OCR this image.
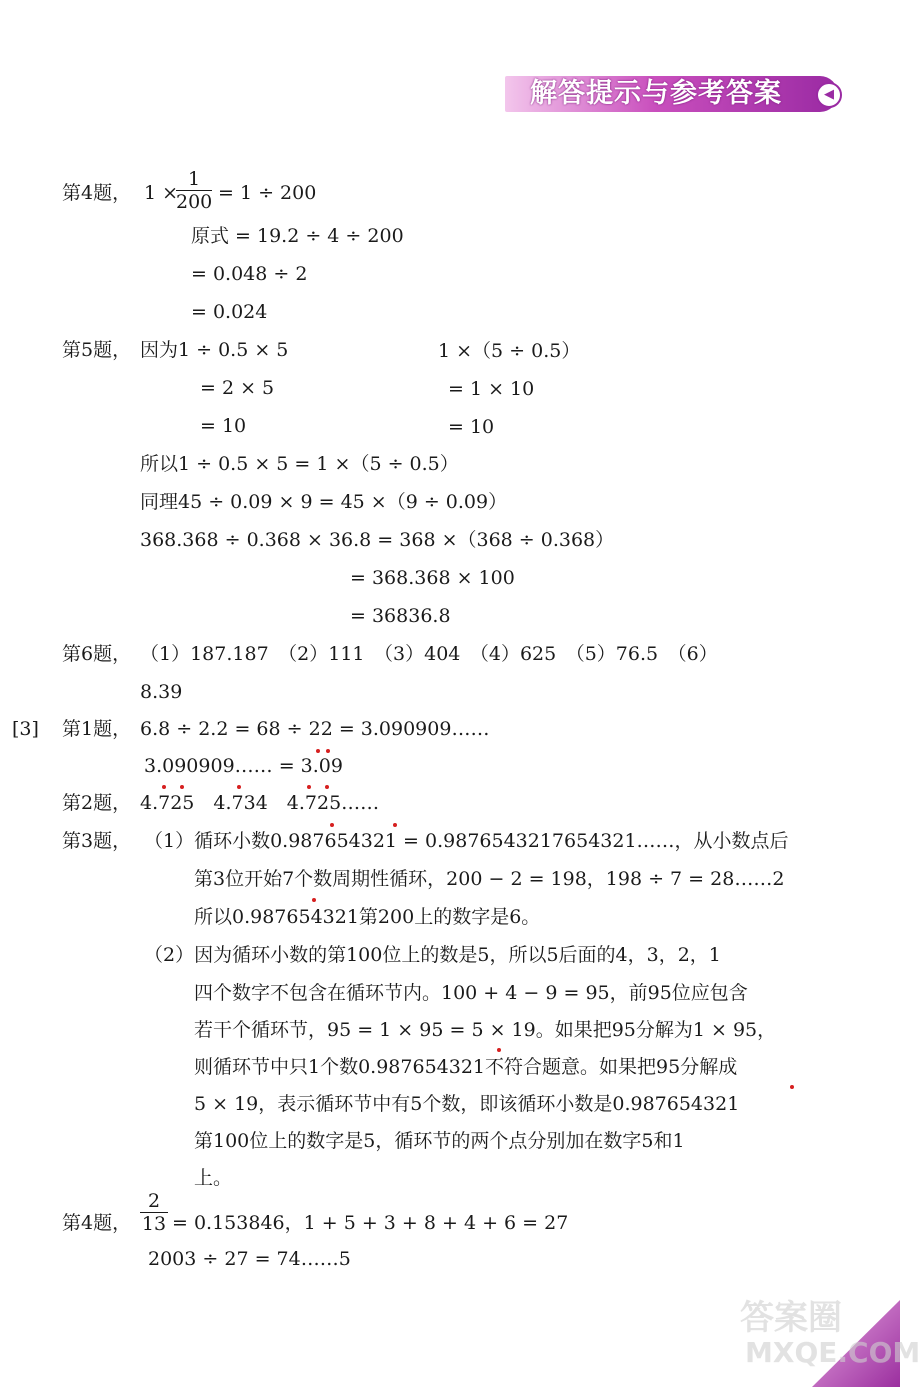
解答提示与参考答案	◀
第4题， 1 ×
1
200 = 1 ÷ 200
原式 = 19.2 ÷ 4 ÷ 200
= 0.048 ÷ 2
= 0.024
第5题， 因为1 ÷ 0.5 × 5
= 2 × 5
= 10
1 ×（5 ÷ 0.5）
= 1 × 10
= 10
所以1 ÷ 0.5 × 5 = 1 ×（5 ÷ 0.5）
同理45 ÷ 0.09 × 9 = 45 ×（9 ÷ 0.09）
368.368 ÷ 0.368 × 36.8 = 368 ×（368 ÷ 0.368）
= 368.368 × 100
= 36836.8
第6题， （1）187.187　（2）111　（3）404　（4）625　（5）76.5　（6）
8.39
[3] 第1题， 6.8 ÷ 2.2 = 68 ÷ 22 = 3.090909……
3.090909…… = 3.09
第2题， 4.725　4.734　4.725……
第3题， （1）循环小数0.987654321 = 0.9876543217654321……，从小数点后
第3位开始7个数周期性循环，200 − 2 = 198，198 ÷ 7 = 28……2
所以0.987654321第200上的数字是6。
（2）因为循环小数的第100位上的数是5，所以5后面的4，3，2，1
四个数字不包含在循环节内。100 + 4 − 9 = 95，前95位应包含
若干个循环节，95 = 1 × 95 = 5 × 19。如果把95分解为1 × 95，
则循环节中只1个数0.987654321不符合题意。如果把95分解成
5 × 19，表示循环节中有5个数，即该循环小数是0.987654321
第100位上的数字是5，循环节的两个点分别加在数字5和1
上。
第4题，
2
13 = 0.153846，1 + 5 + 3 + 8 + 4 + 6 = 27
2003 ÷ 27 = 74……5
答案圈
MXQE.COM
